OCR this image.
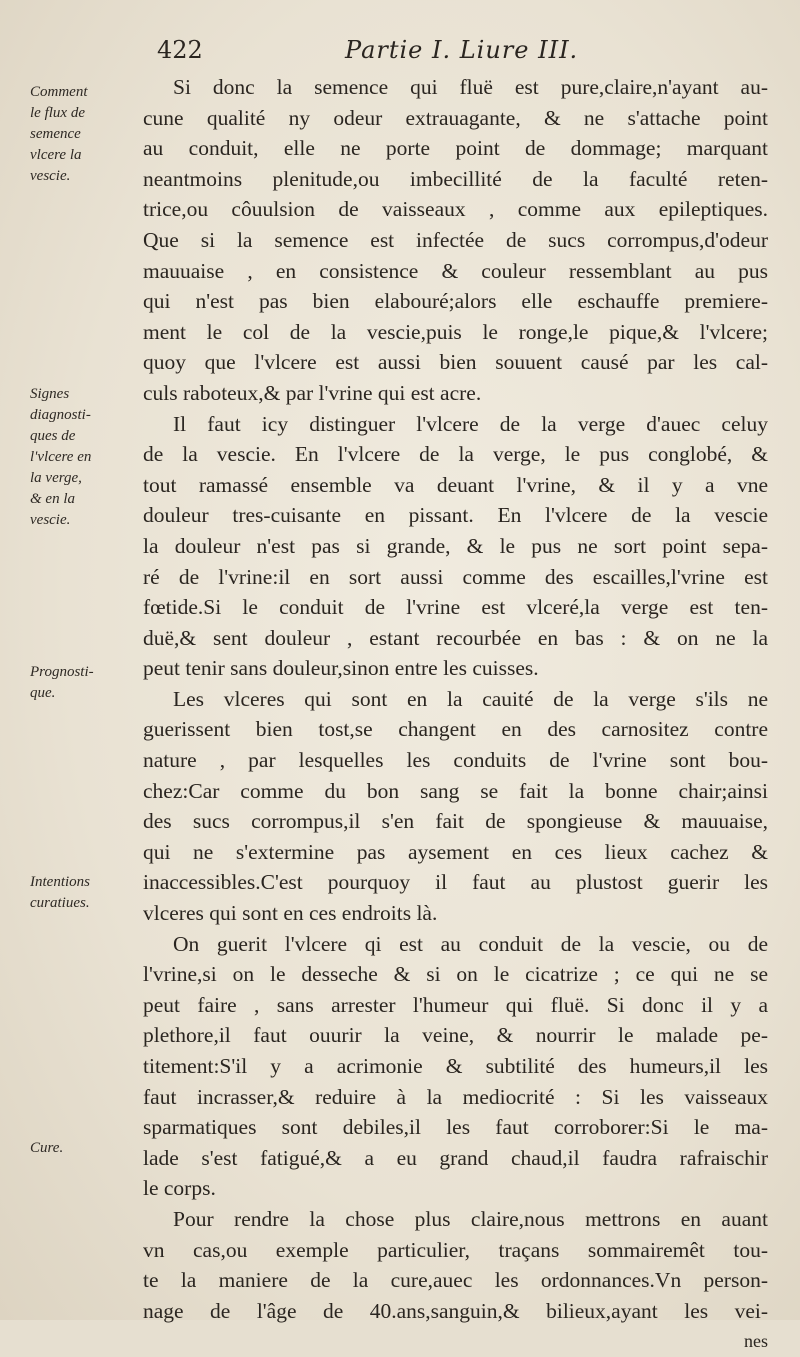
422	Partie I. Liure III.
Comment
le flux de
semence
vlcere la
vescie.
Signes
diagnosti-
ques de
l'vlcere en
la verge,
& en la
vescie.
Prognosti-
que.
Intentions
curatiues.
Cure.
Si donc la semence qui fluë est pure,claire,n'ayant au-
cune qualité ny odeur extrauagante, & ne s'attache point
au conduit, elle ne porte point de dommage; marquant
neantmoins plenitude,ou imbecillité de la faculté reten-
trice,ou côuulsion de vaisseaux , comme aux epileptiques.
Que si la semence est infectée de sucs corrompus,d'odeur
mauuaise , en consistence & couleur ressemblant au pus
qui n'est pas bien elabouré;alors elle eschauffe premiere-
ment le col de la vescie,puis le ronge,le pique,& l'vlcere;
quoy que l'vlcere est aussi bien souuent causé par les cal-
culs raboteux,& par l'vrine qui est acre.
Il faut icy distinguer l'vlcere de la verge d'auec celuy
de la vescie. En l'vlcere de la verge, le pus conglobé, &
tout ramassé ensemble va deuant l'vrine, & il y a vne
douleur tres-cuisante en pissant. En l'vlcere de la vescie
la douleur n'est pas si grande, & le pus ne sort point sepa-
ré de l'vrine:il en sort aussi comme des escailles,l'vrine est
fœtide.Si le conduit de l'vrine est vlceré,la verge est ten-
duë,& sent douleur , estant recourbée en bas : & on ne la
peut tenir sans douleur,sinon entre les cuisses.
Les vlceres qui sont en la cauité de la verge s'ils ne
guerissent bien tost,se changent en des carnositez contre
nature , par lesquelles les conduits de l'vrine sont bou-
chez:Car comme du bon sang se fait la bonne chair;ainsi
des sucs corrompus,il s'en fait de spongieuse & mauuaise,
qui ne s'extermine pas aysement en ces lieux cachez &
inaccessibles.C'est pourquoy il faut au plustost guerir les
vlceres qui sont en ces endroits là.
On guerit l'vlcere qi est au conduit de la vescie, ou de
l'vrine,si on le desseche & si on le cicatrize ; ce qui ne se
peut faire , sans arrester l'humeur qui fluë. Si donc il y a
plethore,il faut ouurir la veine, & nourrir le malade pe-
titement:S'il y a acrimonie & subtilité des humeurs,il les
faut incrasser,& reduire à la mediocrité : Si les vaisseaux
sparmatiques sont debiles,il les faut corroborer:Si le ma-
lade s'est fatigué,& a eu grand chaud,il faudra rafraischir
le corps.
Pour rendre la chose plus claire,nous mettrons en auant
vn cas,ou exemple particulier, traçans sommairemêt tou-
te la maniere de la cure,auec les ordonnances.Vn person-
nage de l'âge de 40.ans,sanguin,& bilieux,ayant les vei-
nes
